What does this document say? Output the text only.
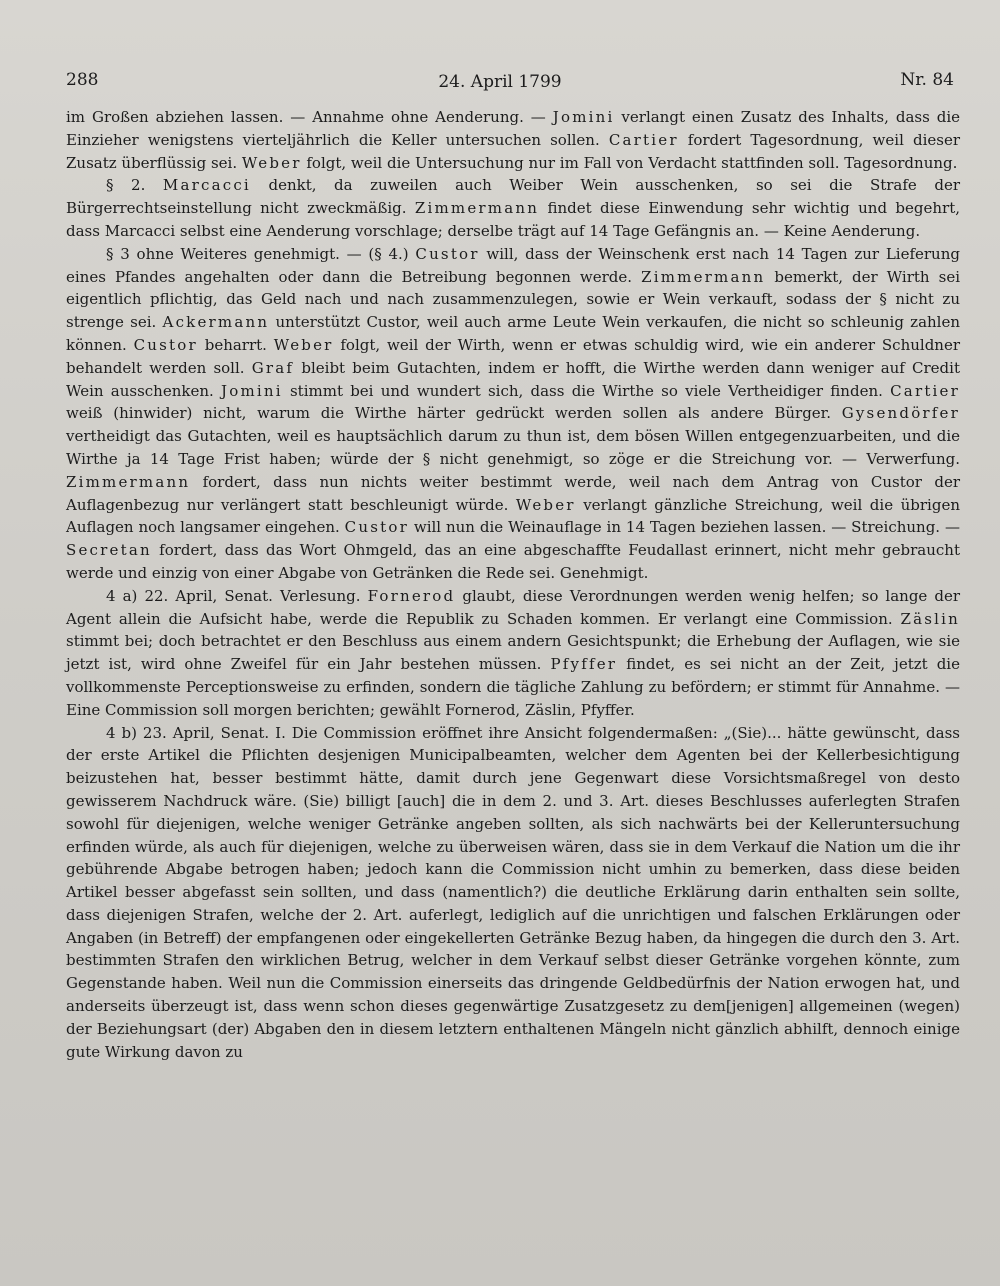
288	24. April 1799	Nr. 84

im Großen abziehen lassen. — Annahme ohne Aenderung. — Jomini verlangt einen Zusatz des Inhalts, dass die Einzieher wenigstens vierteljährlich die Keller untersuchen sollen. Cartier fordert Tagesordnung, weil dieser Zusatz überflüssig sei. Weber folgt, weil die Untersuchung nur im Fall von Verdacht stattfinden soll. Tagesordnung.

§ 2. Marcacci denkt, da zuweilen auch Weiber Wein ausschenken, so sei die Strafe der Bürgerrechtseinstellung nicht zweckmäßig. Zimmermann findet diese Einwendung sehr wichtig und begehrt, dass Marcacci selbst eine Aenderung vorschlage; derselbe trägt auf 14 Tage Gefängnis an. — Keine Aenderung.

§ 3 ohne Weiteres genehmigt. — (§ 4.) Custor will, dass der Weinschenk erst nach 14 Tagen zur Lieferung eines Pfandes angehalten oder dann die Betreibung begonnen werde. Zimmermann bemerkt, der Wirth sei eigentlich pflichtig, das Geld nach und nach zusammenzulegen, sowie er Wein verkauft, sodass der § nicht zu strenge sei. Ackermann unterstützt Custor, weil auch arme Leute Wein verkaufen, die nicht so schleunig zahlen können. Custor beharrt. Weber folgt, weil der Wirth, wenn er etwas schuldig wird, wie ein anderer Schuldner behandelt werden soll. Graf bleibt beim Gutachten, indem er hofft, die Wirthe werden dann weniger auf Credit Wein ausschenken. Jomini stimmt bei und wundert sich, dass die Wirthe so viele Vertheidiger finden. Cartier weiß (hinwider) nicht, warum die Wirthe härter gedrückt werden sollen als andere Bürger. Gysendörfer vertheidigt das Gutachten, weil es hauptsächlich darum zu thun ist, dem bösen Willen entgegenzuarbeiten, und die Wirthe ja 14 Tage Frist haben; würde der § nicht genehmigt, so zöge er die Streichung vor. — Verwerfung. Zimmermann fordert, dass nun nichts weiter bestimmt werde, weil nach dem Antrag von Custor der Auflagenbezug nur verlängert statt beschleunigt würde. Weber verlangt gänzliche Streichung, weil die übrigen Auflagen noch langsamer eingehen. Custor will nun die Weinauflage in 14 Tagen beziehen lassen. — Streichung. — Secretan fordert, dass das Wort Ohmgeld, das an eine abgeschaffte Feudallast erinnert, nicht mehr gebraucht werde und einzig von einer Abgabe von Getränken die Rede sei. Genehmigt.

4 a) 22. April, Senat. Verlesung. Fornerod glaubt, diese Verordnungen werden wenig helfen; so lange der Agent allein die Aufsicht habe, werde die Republik zu Schaden kommen. Er verlangt eine Commission. Zäslin stimmt bei; doch betrachtet er den Beschluss aus einem andern Gesichtspunkt; die Erhebung der Auflagen, wie sie jetzt ist, wird ohne Zweifel für ein Jahr bestehen müssen. Pfyffer findet, es sei nicht an der Zeit, jetzt die vollkommenste Perceptionsweise zu erfinden, sondern die tägliche Zahlung zu befördern; er stimmt für Annahme. — Eine Commission soll morgen berichten; gewählt Fornerod, Zäslin, Pfyffer.

4 b) 23. April, Senat. I. Die Commission eröffnet ihre Ansicht folgendermaßen: „(Sie)... hätte gewünscht, dass der erste Artikel die Pflichten desjenigen Municipalbeamten, welcher dem Agenten bei der Kellerbesichtigung beizustehen hat, besser bestimmt hätte, damit durch jene Gegenwart diese Vorsichtsmaßregel von desto gewisserem Nachdruck wäre. (Sie) billigt [auch] die in dem 2. und 3. Art. dieses Beschlusses auferlegten Strafen sowohl für diejenigen, welche weniger Getränke angeben sollten, als sich nachwärts bei der Kelleruntersuchung erfinden würde, als auch für diejenigen, welche zu überweisen wären, dass sie in dem Verkauf die Nation um die ihr gebührende Abgabe betrogen haben; jedoch kann die Commission nicht umhin zu bemerken, dass diese beiden Artikel besser abgefasst sein sollten, und dass (namentlich?) die deutliche Erklärung darin enthalten sein sollte, dass diejenigen Strafen, welche der 2. Art. auferlegt, lediglich auf die unrichtigen und falschen Erklärungen oder Angaben (in Betreff) der empfangenen oder eingekellerten Getränke Bezug haben, da hingegen die durch den 3. Art. bestimmten Strafen den wirklichen Betrug, welcher in dem Verkauf selbst dieser Getränke vorgehen könnte, zum Gegenstande haben. Weil nun die Commission einerseits das dringende Geldbedürfnis der Nation erwogen hat, und anderseits überzeugt ist, dass wenn schon dieses gegenwärtige Zusatzgesetz zu dem[jenigen] allgemeinen (wegen) der Beziehungsart (der) Abgaben den in diesem letztern enthaltenen Mängeln nicht gänzlich abhilft, dennoch einige gute Wirkung davon zu
